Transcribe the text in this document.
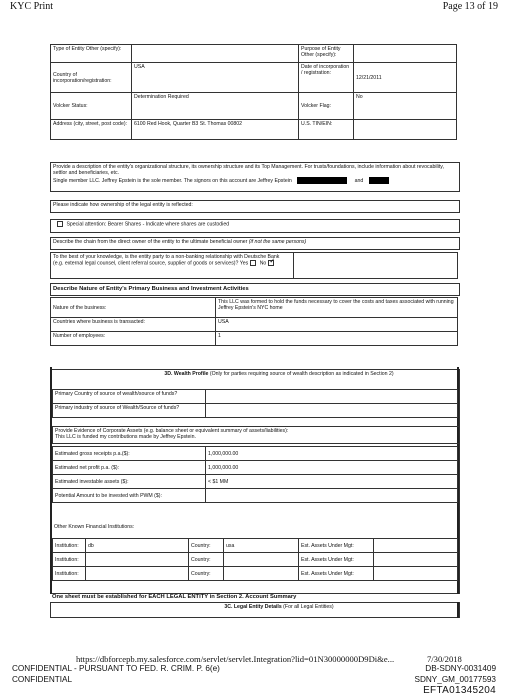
KYC Print	Page 13 of 19
Type of Entity Other (specify):		Purpose of Entity Other (specify):	
Country of incorporation/registration:	USA	Date of incorporation / registration:	12/21/2011
Volcker Status:	Determination Required	Volcker Flag:	No
Address (city, street, post code):	6100 Red Hook, Quarter B3 St. Thomas 00802	U.S. TIN/EIN:	
Provide a description of the entity's organizational structure, its ownership structure and its Top Management. For trusts/foundations, include information about revocability, settlor and beneficiaries, etc.
Single member LLC. Jeffrey Epstein is the sole member. The signors on this account are Jeffrey Epstein	and
Please indicate how ownership of the legal entity is reflected:
Special attention: Bearer Shares - Indicate where shares are custodied
Describe the chain from the direct owner of the entity to the ultimate beneficial owner (if not the same persons)
To the best of your knowledge, is the entity party to a non-banking relationship with Deutsche Bank (e.g. external legal counsel, client referral source, supplier of goods or services)? Yes No✓	
Describe Nature of Entity's Primary Business and Investment Activities
Nature of the business:	This LLC was formed to hold the funds necessary to cover the costs and taxes associated with running Jeffrey Epstein's NYC home
Countries where business is transacted:	USA
Number of employees:	1
3D. Wealth Profile (Only for parties requiring source of wealth description as indicated in Section 2)
Primary Country of source of wealth/source of funds?	
Primary industry of source of Wealth/Source of funds?	
Provide Evidence of Corporate Assets (e.g. balance sheet or equivalent summary of assets/liabilities):
This LLC is funded my contributions made by Jeffrey Epstein.
Estimated gross receipts p.a.($):	1,000,000.00
Estimated net profit p.a. ($):	1,000,000.00
Estimated investable assets ($):	< $1 MM
Potential Amount to be invested with PWM ($):	
Other Known Financial Institutions:
Institution:	db	Country:	usa	Est. Assets Under Mgt:	
Institution:		Country:		Est. Assets Under Mgt:	
Institution:		Country:		Est. Assets Under Mgt:	
One sheet must be established for EACH LEGAL ENTITY in Section 2. Account Summary
3C. Legal Entity Details (For all Legal Entities)
https://dbforcepb.my.salesforce.com/servlet/servlet.Integration?lid=01N30000000D9Di&e...	7/30/2018
CONFIDENTIAL - PURSUANT TO FED. R. CRIM. P. 6(e)	DB-SDNY-0031409
CONFIDENTIAL	SDNY_GM_00177593
EFTA01345204
